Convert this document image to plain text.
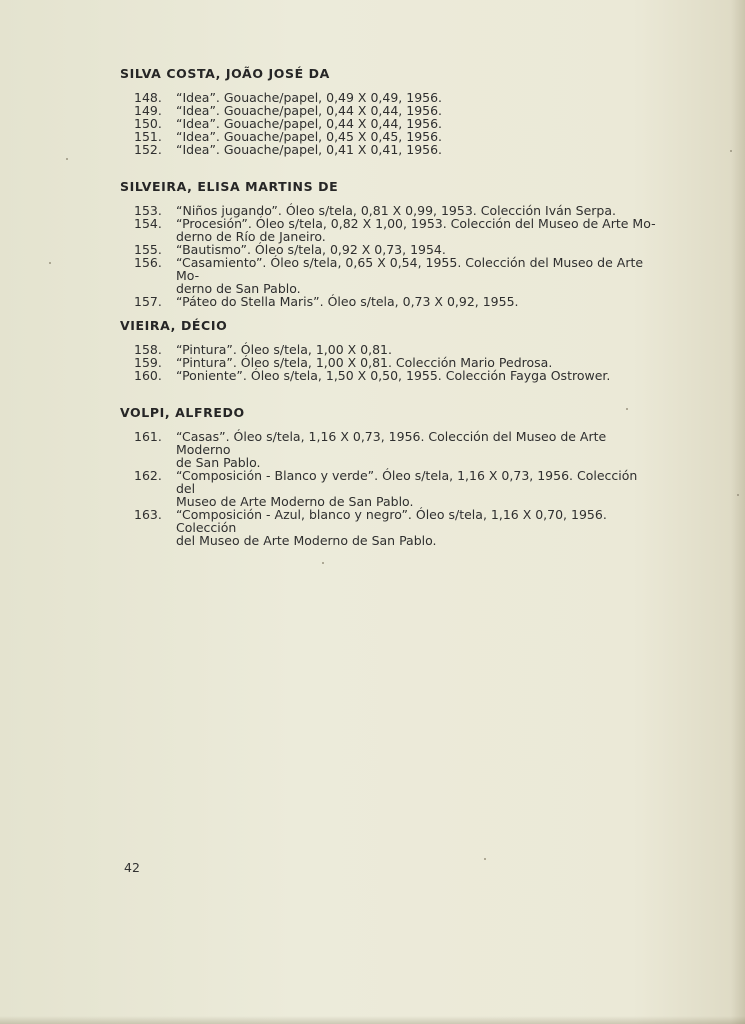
SILVA COSTA, JOÃO JOSÉ DA
148.	“Idea”. Gouache/papel, 0,49 X 0,49, 1956.
149.	“Idea”. Gouache/papel, 0,44 X 0,44, 1956.
150.	“Idea”. Gouache/papel, 0,44 X 0,44, 1956.
151.	“Idea”. Gouache/papel, 0,45 X 0,45, 1956.
152.	“Idea”. Gouache/papel, 0,41 X 0,41, 1956.
SILVEIRA, ELISA MARTINS DE
153.	“Niños jugando”. Óleo s/tela, 0,81 X 0,99, 1953. Colección Iván Serpa.
154.	“Procesión”. Óleo s/tela, 0,82 X 1,00, 1953. Colección del Museo de Arte Mo-
derno de Río de Janeiro.
155.	“Bautismo”. Óleo s/tela, 0,92 X 0,73, 1954.
156.	“Casamiento”. Óleo s/tela, 0,65 X 0,54, 1955. Colección del Museo de Arte Mo-
derno de San Pablo.
157.	“Páteo do Stella Maris”. Óleo s/tela, 0,73 X 0,92, 1955.
VIEIRA, DÉCIO
158.	“Pintura”. Óleo s/tela, 1,00 X 0,81.
159.	“Pintura”. Óleo s/tela, 1,00 X 0,81. Colección Mario Pedrosa.
160.	“Poniente”. Óleo s/tela, 1,50 X 0,50, 1955. Colección Fayga Ostrower.
VOLPI, ALFREDO
161.	“Casas”. Óleo s/tela, 1,16 X 0,73, 1956. Colección del Museo de Arte Moderno
de San Pablo.
162.	“Composición - Blanco y verde”. Óleo s/tela, 1,16 X 0,73, 1956. Colección del
Museo de Arte Moderno de San Pablo.
163.	“Composición - Azul, blanco y negro”. Óleo s/tela, 1,16 X 0,70, 1956. Colección
del Museo de Arte Moderno de San Pablo.
42
